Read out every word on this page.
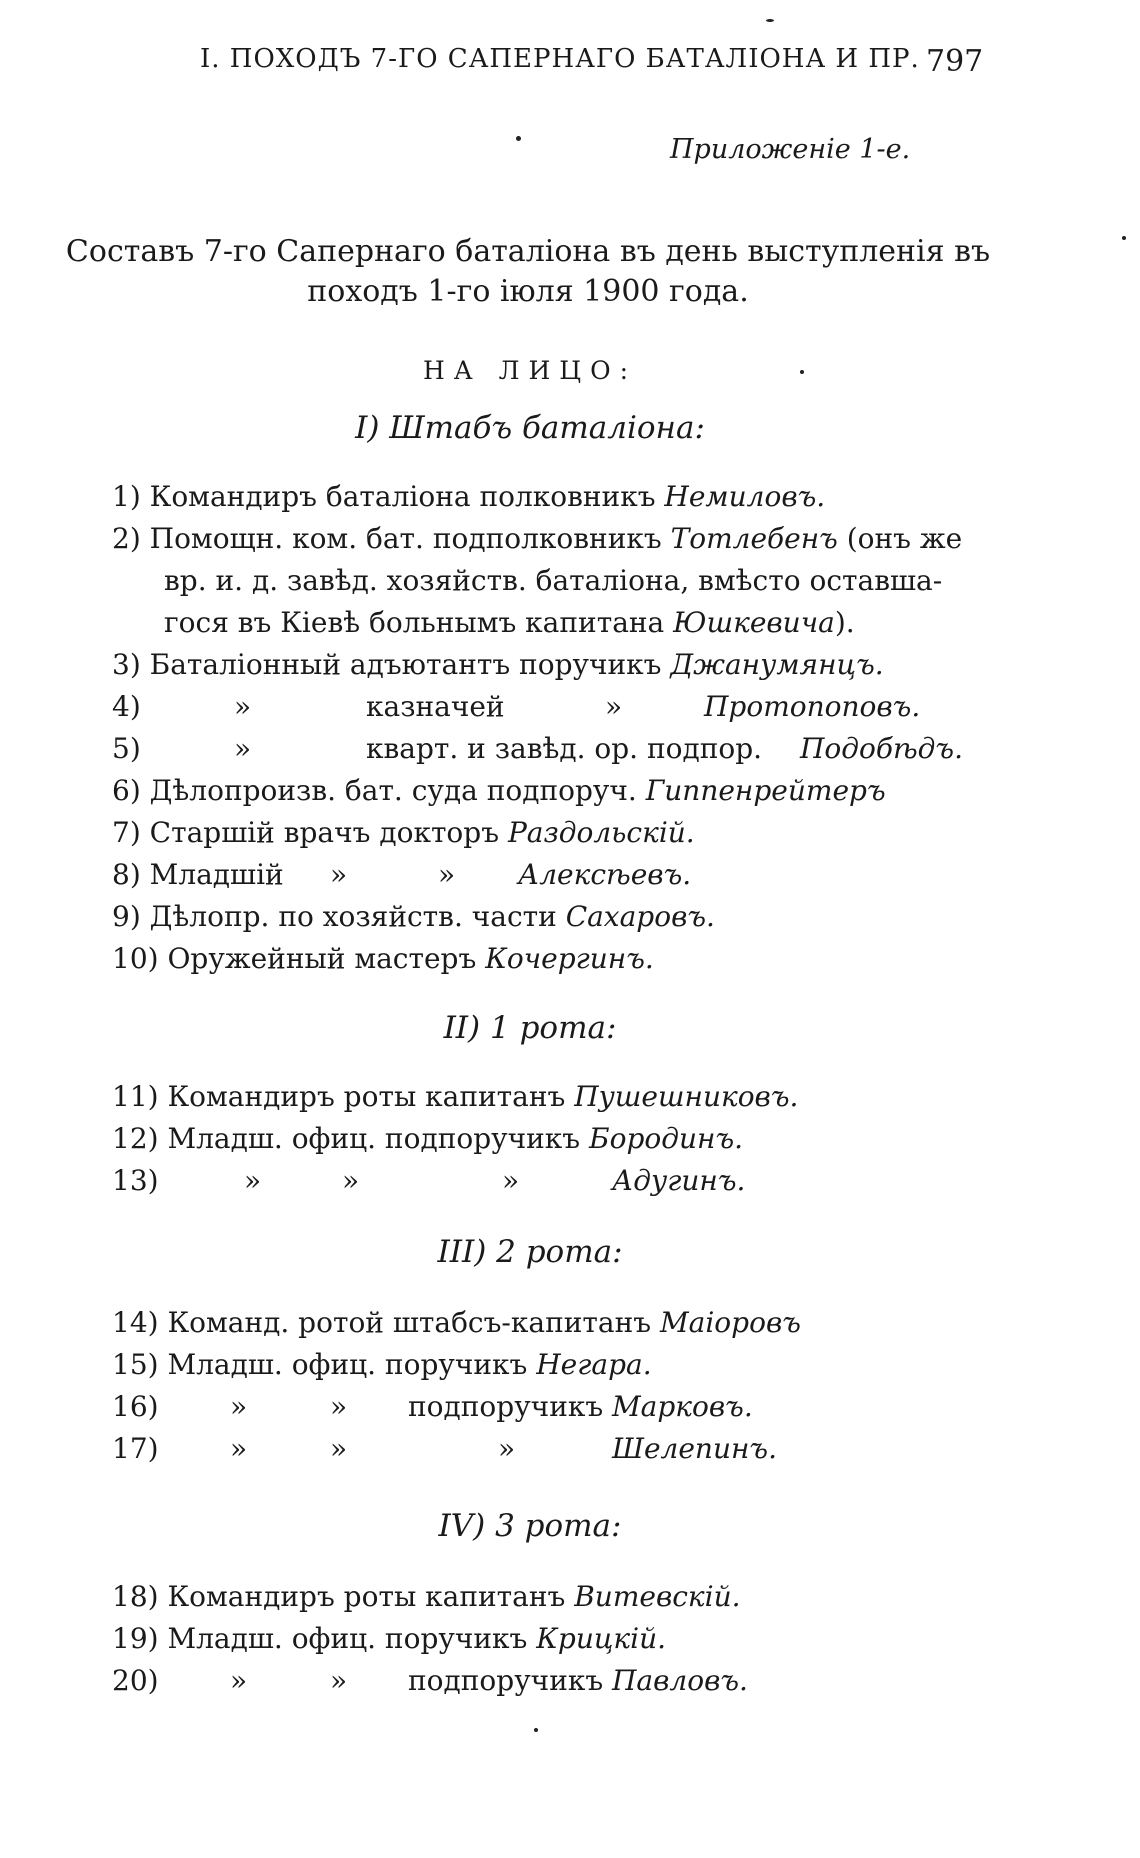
I. ПОХОДЪ 7-ГО САПЕРНАГО БАТАЛІОНА И ПР. 797
Приложеніе 1-е.
Составъ 7-го Сапернаго баталіона въ день выступленія въ
походъ 1-го іюля 1900 года.
НА ЛИЦО:
I) Штабъ баталіона:
1) Командиръ баталіона полковникъ Немиловъ.
2) Помощн. ком. бат. подполковникъ Тотлебенъ (онъ же
вр. и. д. завѣд. хозяйств. баталіона, вмѣсто оставша-
гося въ Кіевѣ больнымъ капитана Юшкевича).
3) Баталіонный адъютантъ поручикъ Джанумянцъ.
4)	»	казначей	»	Протопоповъ.
5)	»	кварт. и завѣд. ор. подпор. Подобѣдъ.
6) Дѣлопроизв. бат. суда подпоруч. Гиппенрейтеръ
7) Старшій врачъ докторъ Раздольскій.
8) Младшій »	» Алексѣевъ.
9) Дѣлопр. по хозяйств. части Сахаровъ.
10) Оружейный мастеръ Кочергинъ.
II) 1 рота:
11) Командиръ роты капитанъ Пушешниковъ.
12) Младш. офиц. подпоручикъ Бородинъ.
13)	»	»	»	Адугинъ.
III) 2 рота:
14) Команд. ротой штабсъ-капитанъ Маіоровъ
15) Младш. офиц. поручикъ Негара.
16)	»	» подпоручикъ Марковъ.
17)	»	»	»	Шелепинъ.
IV) 3 рота:
18) Командиръ роты капитанъ Витевскій.
19) Младш. офиц. поручикъ Крицкій.
20)	»	» подпоручикъ Павловъ.
